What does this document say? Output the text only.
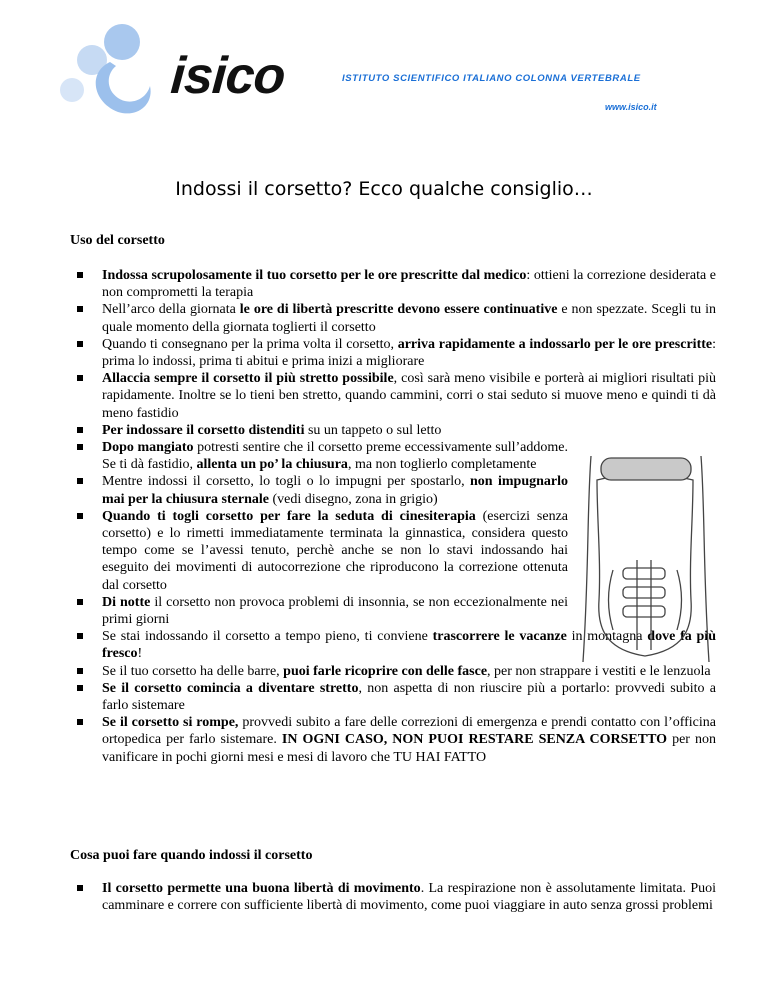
isico	ISTITUTO SCIENTIFICO ITALIANO COLONNA VERTEBRALE
www.isico.it
Indossi il corsetto? Ecco qualche consiglio…
Uso del corsetto
Indossa scrupolosamente il tuo corsetto per le ore prescritte dal medico: ottieni la correzione desiderata e non comprometti la terapia
Nell’arco della giornata le ore di libertà prescritte devono essere continuative e non spezzate. Scegli tu in quale momento della giornata toglierti il corsetto
Quando ti consegnano per la prima volta il corsetto, arriva rapidamente a indossarlo per le ore prescritte: prima lo indossi, prima ti abitui e prima inizi a migliorare
Allaccia sempre il corsetto il più stretto possibile, così sarà meno visibile e porterà ai migliori risultati più rapidamente. Inoltre se lo tieni ben stretto, quando cammini, corri o stai seduto si muove meno e quindi ti dà meno fastidio
Per indossare il corsetto distenditi su un tappeto o sul letto
Dopo mangiato potresti sentire che il corsetto preme eccessivamente sull’addome. Se ti dà fastidio, allenta un po’ la chiusura, ma non toglierlo completamente
Mentre indossi il corsetto, lo togli o lo impugni per spostarlo, non impugnarlo mai per la chiusura sternale (vedi disegno, zona in grigio)
Quando ti togli corsetto per fare la seduta di cinesiterapia (esercizi senza corsetto) e lo rimetti immediatamente terminata la ginnastica, considera questo tempo come se l’avessi tenuto, perchè anche se non lo stavi indossando hai eseguito dei movimenti di autocorrezione che riproducono la correzione ottenuta dal corsetto
Di notte il corsetto non provoca problemi di insonnia, se non eccezionalmente nei primi giorni
Se stai indossando il corsetto a tempo pieno, ti conviene trascorrere le vacanze in montagna dove fa più fresco!
Se il tuo corsetto ha delle barre, puoi farle ricoprire con delle fasce, per non strappare i vestiti e le lenzuola
Se il corsetto comincia a diventare stretto, non aspetta di non riuscire più a portarlo: provvedi subito a farlo sistemare
Se il corsetto si rompe, provvedi subito a fare delle correzioni di emergenza e prendi contatto con l’officina ortopedica per farlo sistemare. IN OGNI CASO, NON PUOI RESTARE SENZA CORSETTO per non vanificare in pochi giorni mesi e mesi di lavoro che TU HAI FATTO
Cosa puoi fare quando indossi il corsetto
Il corsetto permette una buona libertà di movimento. La respirazione non è assolutamente limitata. Puoi camminare e correre con sufficiente libertà di movimento, come puoi viaggiare in auto senza grossi problemi
